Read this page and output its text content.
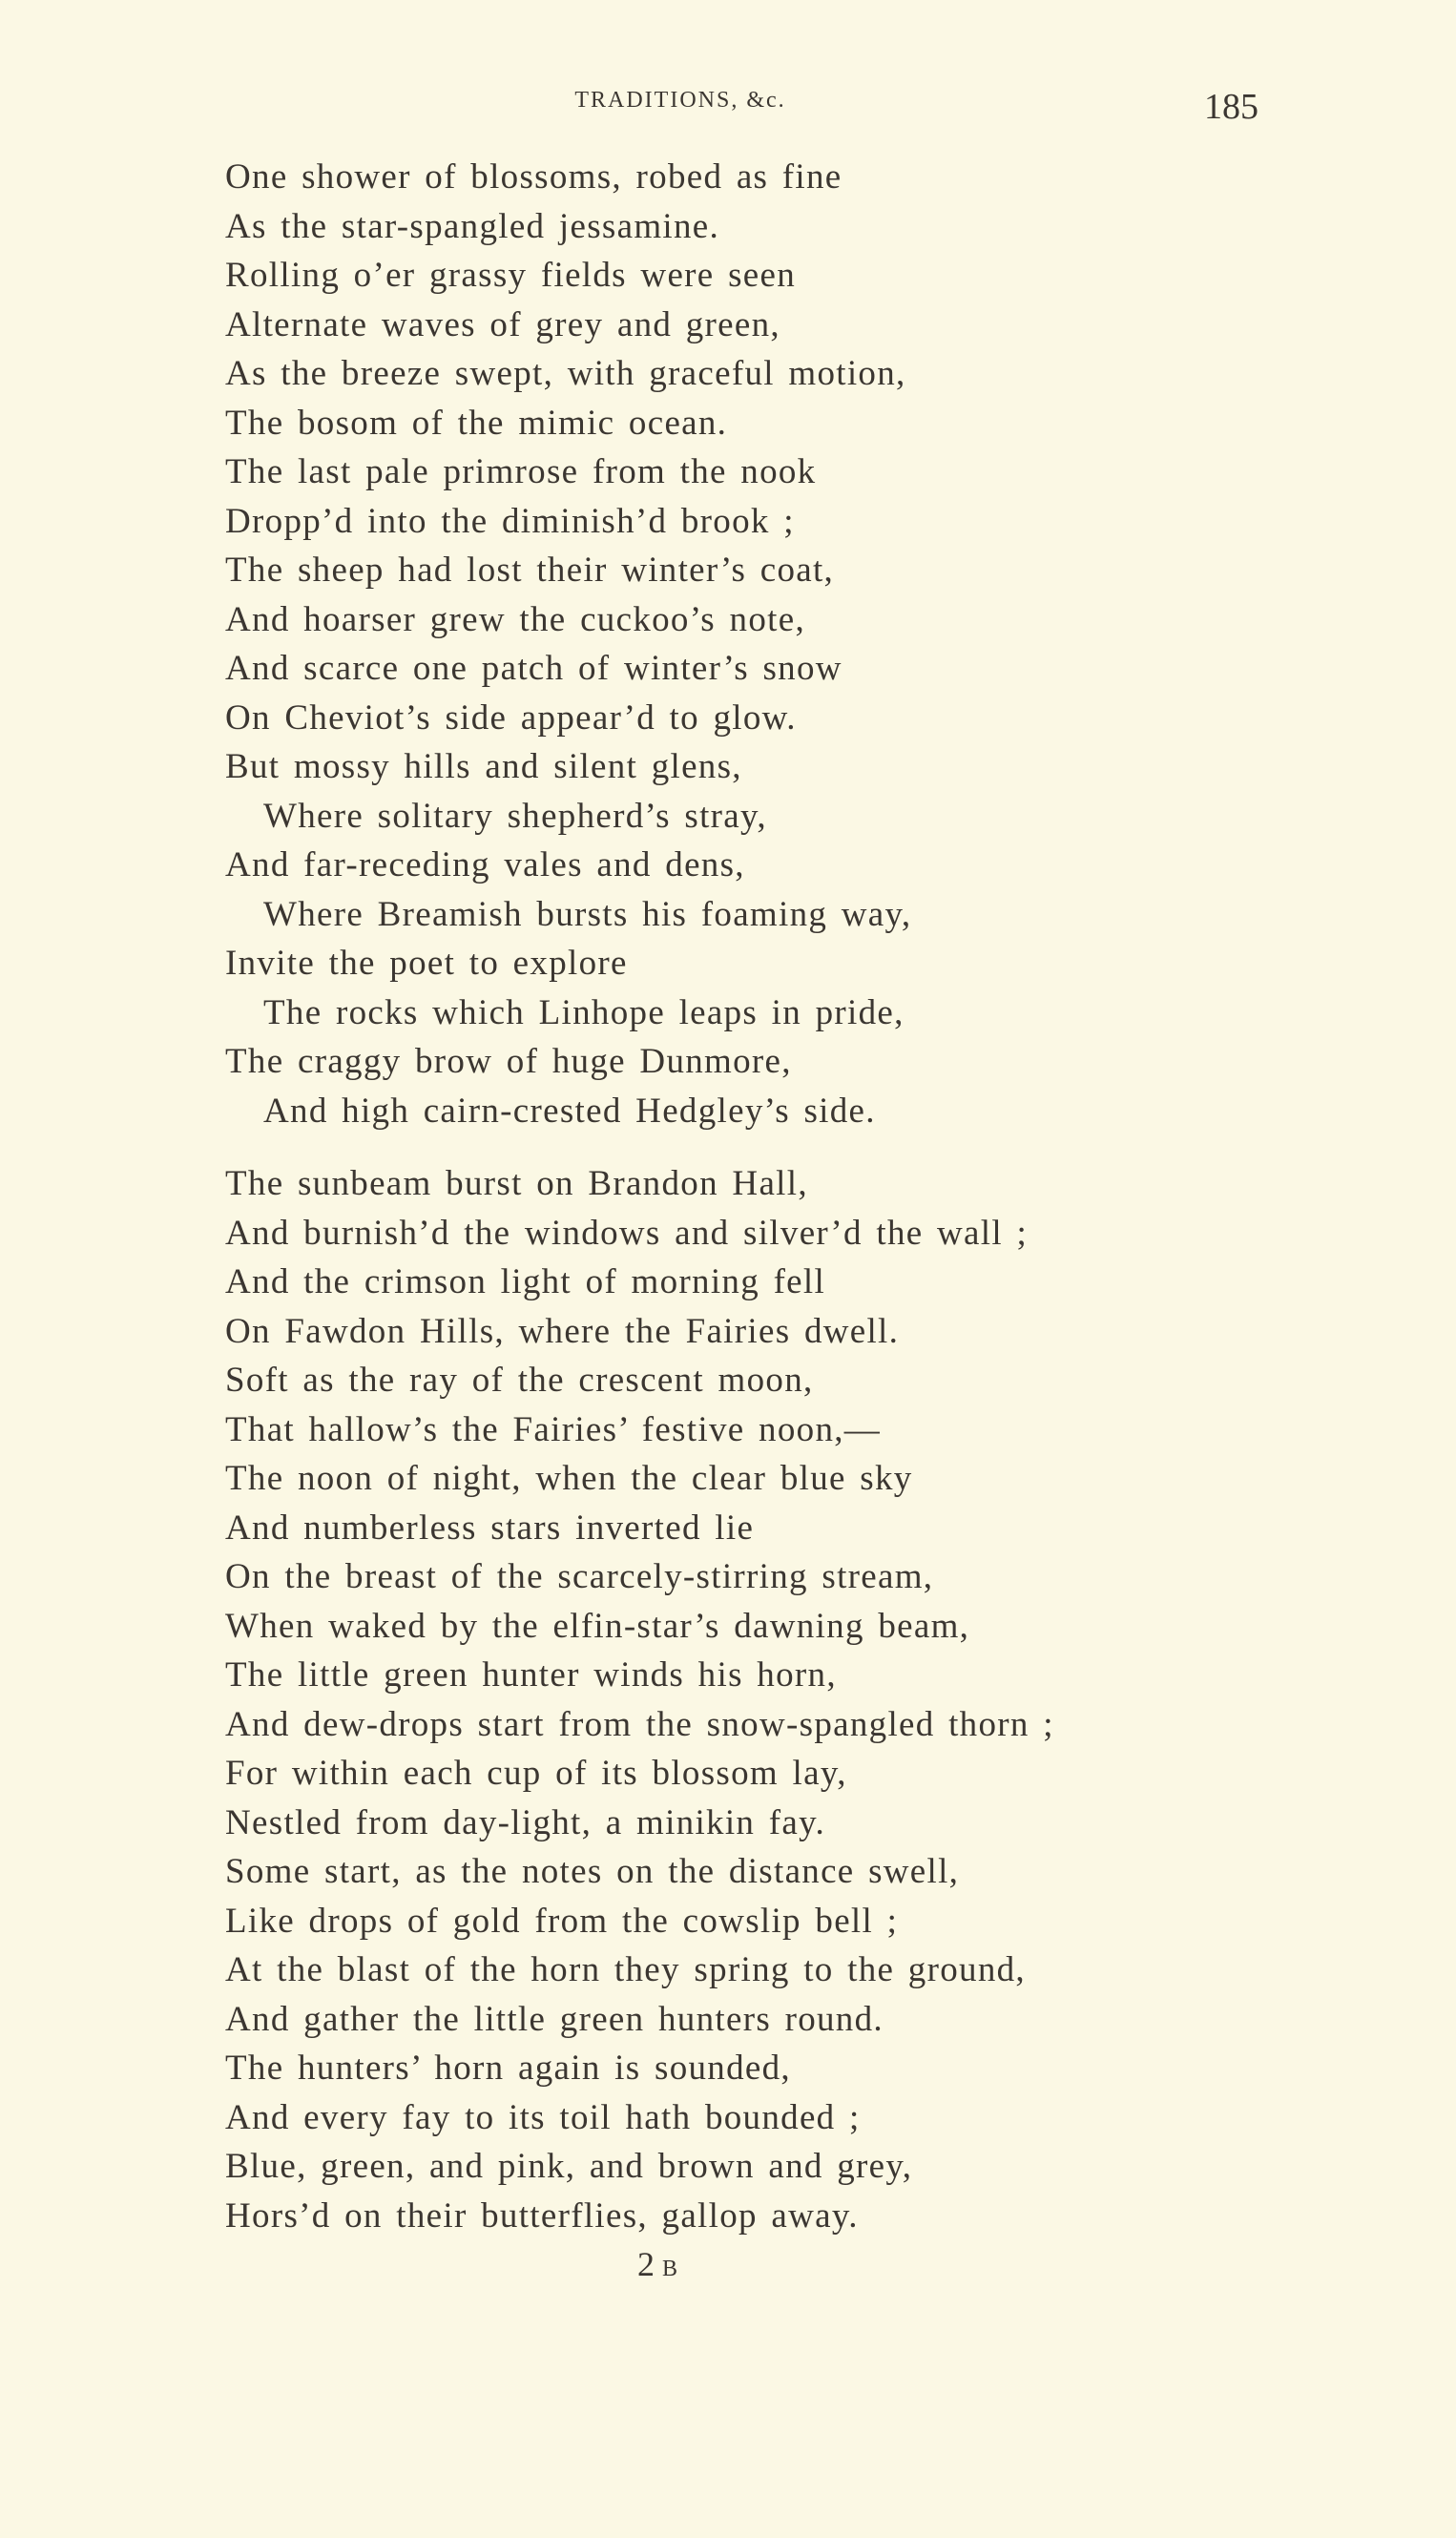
TRADITIONS, &c.	185
One shower of blossoms, robed as fine
As the star-spangled jessamine.
Rolling o’er grassy fields were seen
Alternate waves of grey and green,
As the breeze swept, with graceful motion,
The bosom of the mimic ocean.
The last pale primrose from the nook
Dropp’d into the diminish’d brook ;
The sheep had lost their winter’s coat,
And hoarser grew the cuckoo’s note,
And scarce one patch of winter’s snow
On Cheviot’s side appear’d to glow.
But mossy hills and silent glens,
Where solitary shepherd’s stray,
And far-receding vales and dens,
Where Breamish bursts his foaming way,
Invite the poet to explore
The rocks which Linhope leaps in pride,
The craggy brow of huge Dunmore,
And high cairn-crested Hedgley’s side.
The sunbeam burst on Brandon Hall,
And burnish’d the windows and silver’d the wall ;
And the crimson light of morning fell
On Fawdon Hills, where the Fairies dwell.
Soft as the ray of the crescent moon,
That hallow’s the Fairies’ festive noon,—
The noon of night, when the clear blue sky
And numberless stars inverted lie
On the breast of the scarcely-stirring stream,
When waked by the elfin-star’s dawning beam,
The little green hunter winds his horn,
And dew-drops start from the snow-spangled thorn ;
For within each cup of its blossom lay,
Nestled from day-light, a minikin fay.
Some start, as the notes on the distance swell,
Like drops of gold from the cowslip bell ;
At the blast of the horn they spring to the ground,
And gather the little green hunters round.
The hunters’ horn again is sounded,
And every fay to its toil hath bounded ;
Blue, green, and pink, and brown and grey,
Hors’d on their butterflies, gallop away.
2B
